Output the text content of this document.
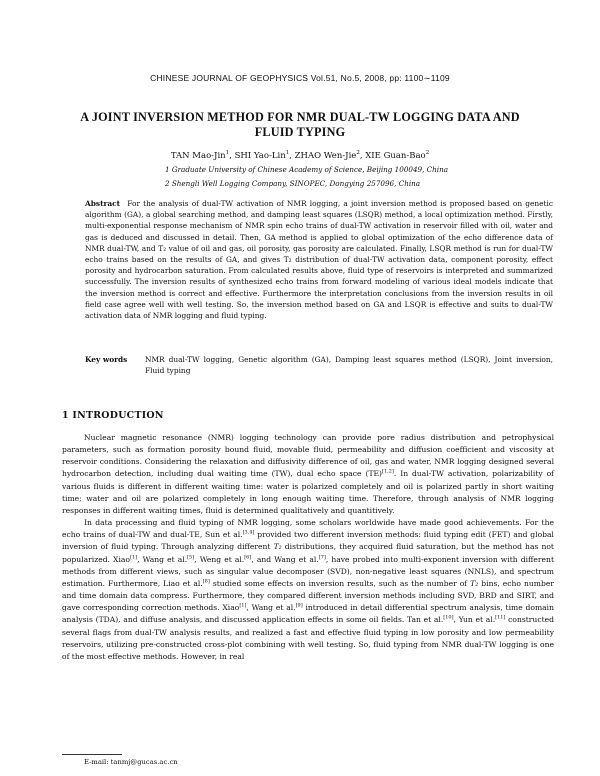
CHINESE JOURNAL OF GEOPHYSICS Vol.51, No.5, 2008, pp: 1100∼1109
A JOINT INVERSION METHOD FOR NMR DUAL-TW LOGGING DATA AND FLUID TYPING
TAN Mao-Jin$^1$, SHI Yao-Lin$^1$, ZHAO Wen-Jie$^2$, XIE Guan-Bao$^2$
1 Graduate University of Chinese Academy of Science, Beijing 100049, China
2 Shengli Well Logging Company, SINOPEC, Dongying 257096, China
Abstract For the analysis of dual-TW activation of NMR logging, a joint inversion method is proposed based on genetic algorithm (GA), a global searching method, and damping least squares (LSQR) method, a local optimization method. Firstly, multi-exponential response mechanism of NMR spin echo trains of dual-TW activation in reservoir filled with oil, water and gas is deduced and discussed in detail. Then, GA method is applied to global optimization of the echo difference data of NMR dual-TW, and T₂ value of oil and gas, oil porosity, gas porosity are calculated. Finally, LSQR method is run for dual-TW echo trains based on the results of GA, and gives T₂ distribution of dual-TW activation data, component porosity, effect porosity and hydrocarbon saturation. From calculated results above, fluid type of reservoirs is interpreted and summarized successfully. The inversion results of synthesized echo trains from forward modeling of various ideal models indicate that the inversion method is correct and effective. Furthermore the interpretation conclusions from the inversion results in oil field case agree well with well testing. So, the inversion method based on GA and LSQR is effective and suits to dual-TW activation data of NMR logging and fluid typing.
Key words	NMR dual-TW logging, Genetic algorithm (GA), Damping least squares method (LSQR), Joint inversion, Fluid typing
1 INTRODUCTION

Nuclear magnetic resonance (NMR) logging technology can provide pore radius distribution and petrophysical parameters, such as formation porosity bound fluid, movable fluid, permeability and diffusion coefficient and viscosity at reservoir conditions. Considering the relaxation and diffusivity difference of oil, gas and water, NMR logging designed several hydrocarbon detection, including dual waiting time (TW), dual echo space (TE)[1,2]. In dual-TW activation, polarizability of various fluids is different in different waiting time: water is polarized completely and oil is polarized partly in short waiting time; water and oil are polarized completely in long enough waiting time. Therefore, through analysis of NMR logging responses in different waiting times, fluid is determined qualitatively and quantitively.

In data processing and fluid typing of NMR logging, some scholars worldwide have made good achievements. For the echo trains of dual-TW and dual-TE, Sun et al.[3,4] provided two different inversion methods: fluid typing edit (FET) and global inversion of fluid typing. Through analyzing different T₂ distributions, they acquired fluid saturation, but the method has not popularized. Xiao[1], Wang et al.[5], Weng et al.[6], and Wang et al.[7], have probed into multi-exponent inversion with different methods from different views, such as singular value decomposer (SVD), non-negative least squares (NNLS), and spectrum estimation. Furthermore, Liao et al.[8] studied some effects on inversion results, such as the number of T₂ bins, echo number and time domain data compress. Furthermore, they compared different inversion methods including SVD, BRD and SIRT, and gave corresponding correction methods. Xiao[1], Wang et al.[9] introduced in detail differential spectrum analysis, time domain analysis (TDA), and diffuse analysis, and discussed application effects in some oil fields. Tan et al.[10], Yun et al.[11] constructed several flags from dual-TW analysis results, and realized a fast and effective fluid typing in low porosity and low permeability reservoirs, utilizing pre-constructed cross-plot combining with well testing. So, fluid typing from NMR dual-TW logging is one of the most effective methods. However, in real

E-mail: tanmj@gucas.ac.cn
